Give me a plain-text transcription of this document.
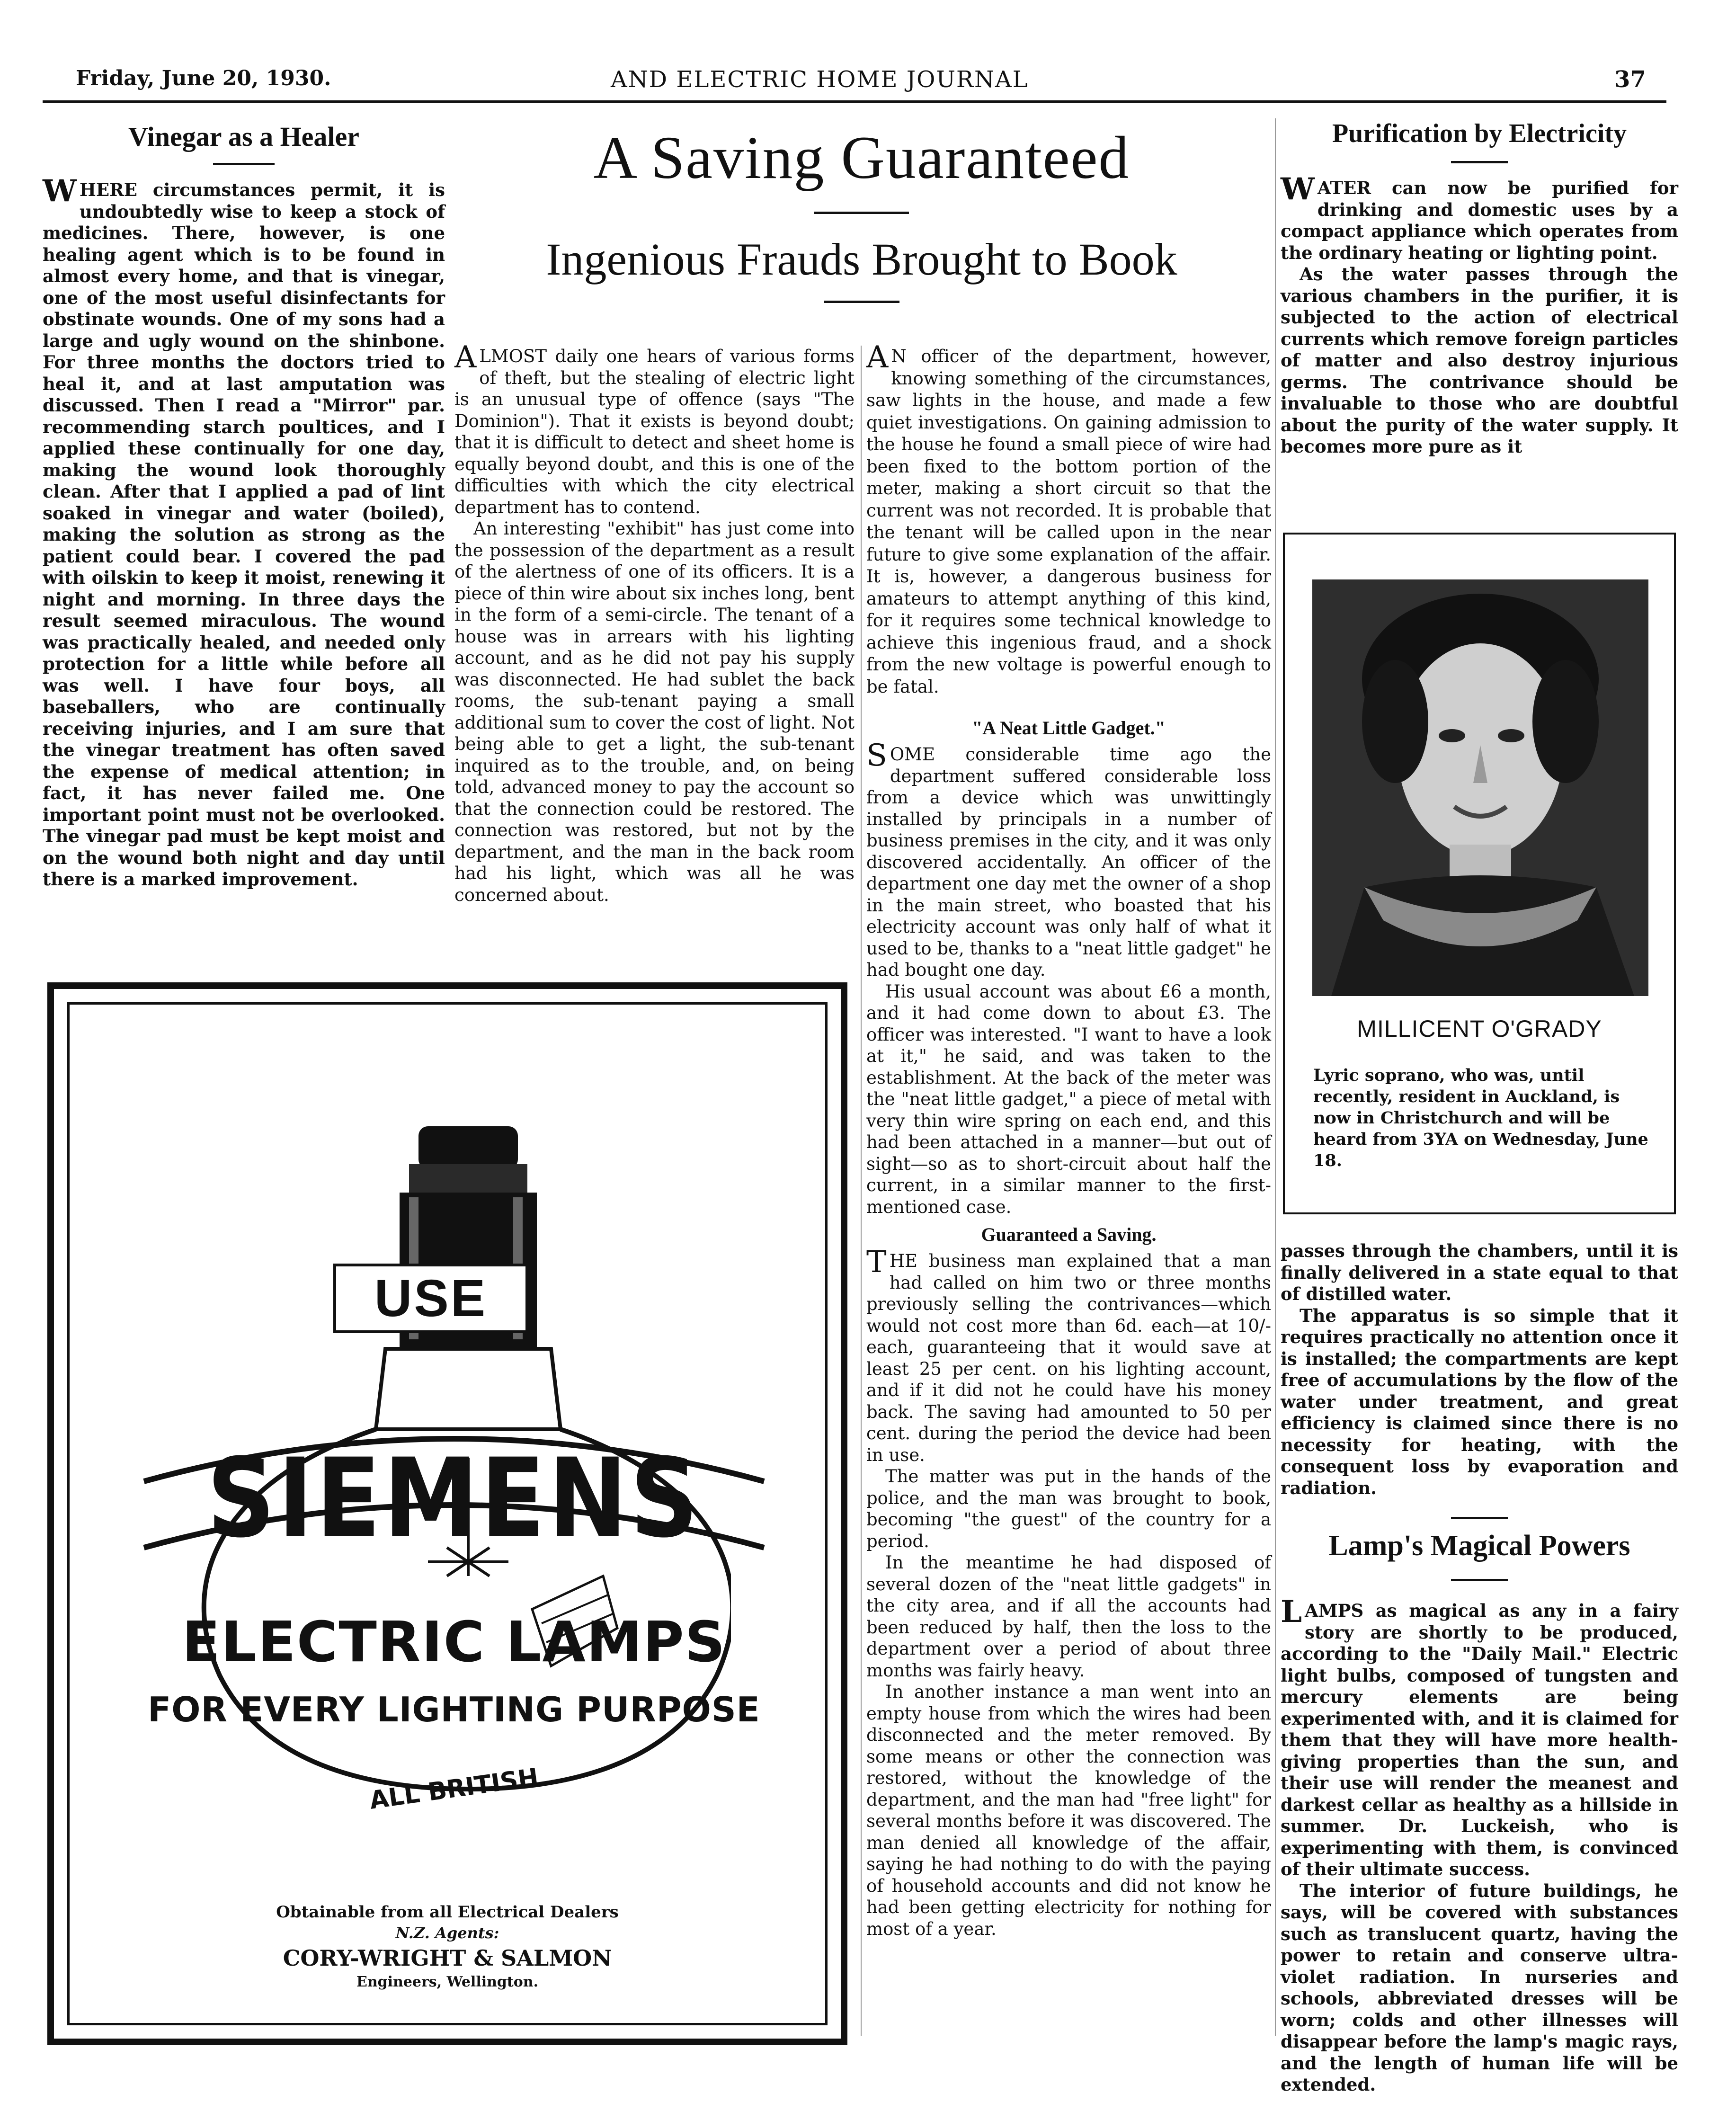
Friday, June 20, 1930.	AND ELECTRIC HOME JOURNAL	37
Vinegar as a Healer

WHERE circumstances permit, it is undoubtedly wise to keep a stock of medicines. There, however, is one healing agent which is to be found in almost every home, and that is vinegar, one of the most useful disinfectants for obstinate wounds. One of my sons had a large and ugly wound on the shinbone. For three months the doctors tried to heal it, and at last amputation was discussed. Then I read a "Mirror" par. recommending starch poultices, and I applied these continually for one day, making the wound look thoroughly clean. After that I applied a pad of lint soaked in vinegar and water (boiled), making the solution as strong as the patient could bear. I covered the pad with oilskin to keep it moist, renewing it night and morning. In three days the result seemed miraculous. The wound was practically healed, and needed only protection for a little while before all was well. I have four boys, all baseballers, who are continually receiving injuries, and I am sure that the vinegar treatment has often saved the expense of medical attention; in fact, it has never failed me. One important point must not be overlooked. The vinegar pad must be kept moist and on the wound both night and day until there is a marked improvement.

A Saving Guaranteed
Ingenious Frauds Brought to Book

ALMOST daily one hears of various forms of theft, but the stealing of electric light is an unusual type of offence (says "The Dominion"). That it exists is beyond doubt; that it is difficult to detect and sheet home is equally beyond doubt, and this is one of the difficulties with which the city electrical department has to contend.

An interesting "exhibit" has just come into the possession of the department as a result of the alertness of one of its officers. It is a piece of thin wire about six inches long, bent in the form of a semi-circle. The tenant of a house was in arrears with his lighting account, and as he did not pay his supply was disconnected. He had sublet the back rooms, the sub-tenant paying a small additional sum to cover the cost of light. Not being able to get a light, the sub-tenant inquired as to the trouble, and, on being told, advanced money to pay the account so that the connection could be restored. The connection was restored, but not by the department, and the man in the back room had his light, which was all he was concerned about.

A N officer of the department, however, knowing something of the circumstances, saw lights in the house, and made a few quiet investigations. On gaining admission to the house he found a small piece of wire had been fixed to the bottom portion of the meter, making a short circuit so that the current was not recorded. It is probable that the tenant will be called upon in the near future to give some explanation of the affair. It is, however, a dangerous business for amateurs to attempt anything of this kind, for it requires some technical knowledge to achieve this ingenious fraud, and a shock from the new voltage is powerful enough to be fatal.

"A Neat Little Gadget."

SOME considerable time ago the department suffered considerable loss from a device which was unwittingly installed by principals in a number of business premises in the city, and it was only discovered accidentally. An officer of the department one day met the owner of a shop in the main street, who boasted that his electricity account was only half of what it used to be, thanks to a "neat little gadget" he had bought one day.

His usual account was about £6 a month, and it had come down to about £3. The officer was interested. "I want to have a look at it," he said, and was taken to the establishment. At the back of the meter was the "neat little gadget," a piece of metal with very thin wire spring on each end, and this had been attached in a manner—but out of sight—so as to short-circuit about half the current, in a similar manner to the first-mentioned case.

Guaranteed a Saving.

THE business man explained that a man had called on him two or three months previously selling the contrivances—which would not cost more than 6d. each—at 10/- each, guaranteeing that it would save at least 25 per cent. on his lighting account, and if it did not he could have his money back. The saving had amounted to 50 per cent. during the period the device had been in use.

The matter was put in the hands of the police, and the man was brought to book, becoming "the guest" of the country for a period.

In the meantime he had disposed of several dozen of the "neat little gadgets" in the city area, and if all the accounts had been reduced by half, then the loss to the department over a period of about three months was fairly heavy.

In another instance a man went into an empty house from which the wires had been disconnected and the meter removed. By some means or other the connection was restored, without the knowledge of the department, and the man had "free light" for several months before it was discovered. The man denied all knowledge of the affair, saying he had nothing to do with the paying of household accounts and did not know he had been getting electricity for nothing for most of a year.

Purification by Electricity

WATER can now be purified for drinking and domestic uses by a compact appliance which operates from the ordinary heating or lighting point.

As the water passes through the various chambers in the purifier, it is subjected to the action of electrical currents which remove foreign particles of matter and also destroy injurious germs. The contrivance should be invaluable to those who are doubtful about the purity of the water supply. It becomes more pure as it

MILLICENT O'GRADY
Lyric soprano, who was, until recently, resident in Auckland, is now in Christchurch and will be heard from 3YA on Wednesday, June 18.

passes through the chambers, until it is finally delivered in a state equal to that of distilled water.

The apparatus is so simple that it requires practically no attention once it is installed; the compartments are kept free of accumulations by the flow of the water under treatment, and great efficiency is claimed since there is no necessity for heating, with the consequent loss by evaporation and radiation.

Lamp's Magical Powers

LAMPS as magical as any in a fairy story are shortly to be produced, according to the "Daily Mail." Electric light bulbs, composed of tungsten and mercury elements are being experimented with, and it is claimed for them that they will have more health-giving properties than the sun, and their use will render the meanest and darkest cellar as healthy as a hillside in summer. Dr. Luckeish, who is experimenting with them, is convinced of their ultimate success.

The interior of future buildings, he says, will be covered with substances such as translucent quartz, having the power to retain and conserve ultra-violet radiation. In nurseries and schools, abbreviated dresses will be worn; colds and other illnesses will disappear before the lamp's magic rays, and the length of human life will be extended.

USE
SIEMENS
ELECTRIC LAMPS
FOR EVERY LIGHTING PURPOSE
ALL BRITISH
Obtainable from all Electrical Dealers
N.Z. Agents:
CORY-WRIGHT & SALMON
Engineers, Wellington.
